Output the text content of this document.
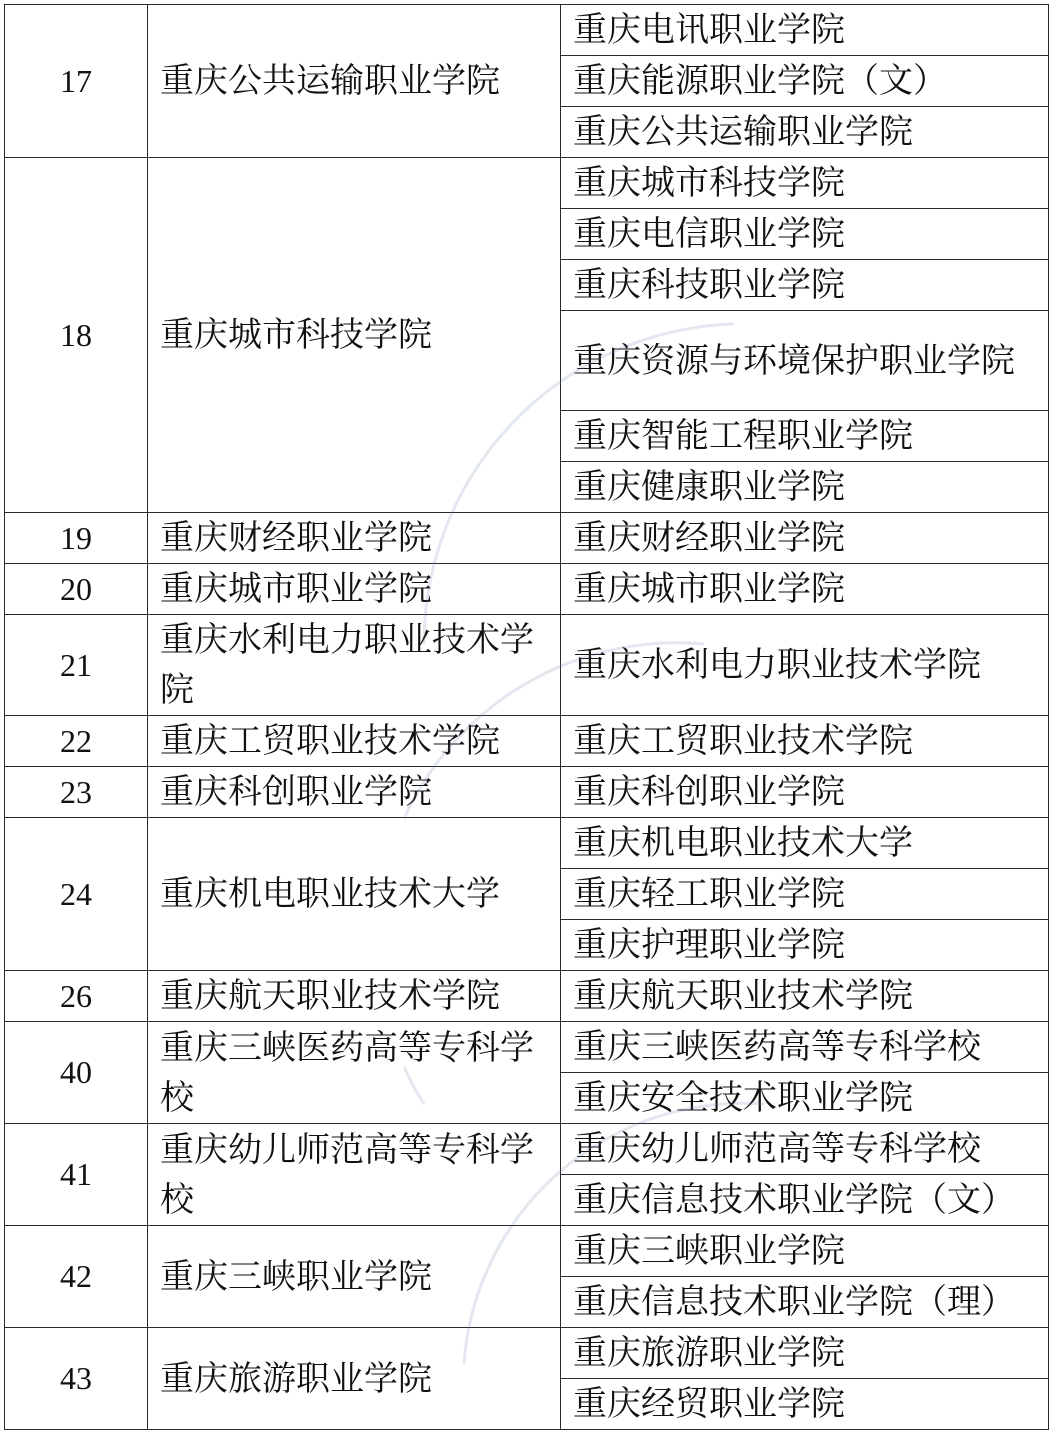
17	重庆公共运输职业学院	重庆电讯职业学院
		重庆能源职业学院（文）
		重庆公共运输职业学院
18	重庆城市科技学院	重庆城市科技学院
		重庆电信职业学院
		重庆科技职业学院
		重庆资源与环境保护职业学院
		重庆智能工程职业学院
		重庆健康职业学院
19	重庆财经职业学院	重庆财经职业学院
20	重庆城市职业学院	重庆城市职业学院
21	重庆水利电力职业技术学院	重庆水利电力职业技术学院
22	重庆工贸职业技术学院	重庆工贸职业技术学院
23	重庆科创职业学院	重庆科创职业学院
24	重庆机电职业技术大学	重庆机电职业技术大学
		重庆轻工职业学院
		重庆护理职业学院
26	重庆航天职业技术学院	重庆航天职业技术学院
40	重庆三峡医药高等专科学校	重庆三峡医药高等专科学校
		重庆安全技术职业学院
41	重庆幼儿师范高等专科学校	重庆幼儿师范高等专科学校
		重庆信息技术职业学院（文）
42	重庆三峡职业学院	重庆三峡职业学院
		重庆信息技术职业学院（理）
43	重庆旅游职业学院	重庆旅游职业学院
		重庆经贸职业学院
